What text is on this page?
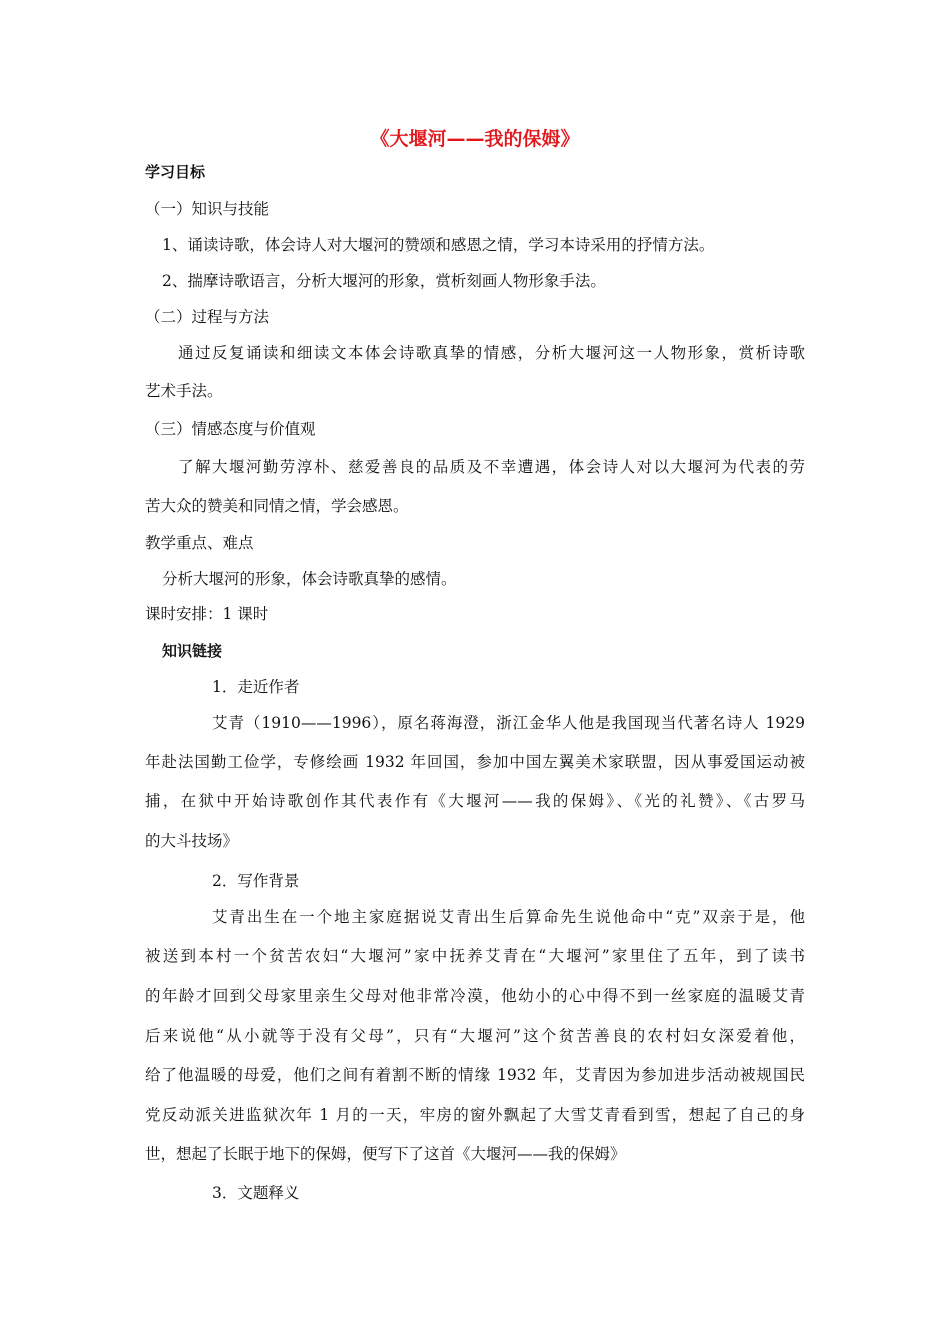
《大堰河——我的保姆》
学习目标
（一）知识与技能
1、诵读诗歌，体会诗人对大堰河的赞颂和感恩之情，学习本诗采用的抒情方法。
2、揣摩诗歌语言，分析大堰河的形象，赏析刻画人物形象手法。
（二）过程与方法
通过反复诵读和细读文本体会诗歌真挚的情感，分析大堰河这一人物形象，赏析诗歌
艺术手法。
（三）情感态度与价值观
了解大堰河勤劳淳朴、慈爱善良的品质及不幸遭遇，体会诗人对以大堰河为代表的劳
苦大众的赞美和同情之情，学会感恩。
教学重点、难点
分析大堰河的形象，体会诗歌真挚的感情。
课时安排：1 课时
知识链接
1．走近作者
艾青（1910——1996），原名蒋海澄，浙江金华人他是我国现当代著名诗人 1929
年赴法国勤工俭学，专修绘画 1932 年回国，参加中国左翼美术家联盟，因从事爱国运动被
捕，在狱中开始诗歌创作其代表作有《大堰河——我的保姆》、《光的礼赞》、《古罗马
的大斗技场》
2．写作背景
艾青出生在一个地主家庭据说艾青出生后算命先生说他命中“克”双亲于是，他
被送到本村一个贫苦农妇“大堰河”家中抚养艾青在“大堰河”家里住了五年，到了读书
的年龄才回到父母家里亲生父母对他非常冷漠，他幼小的心中得不到一丝家庭的温暖艾青
后来说他“从小就等于没有父母”，只有“大堰河”这个贫苦善良的农村妇女深爱着他，
给了他温暖的母爱，他们之间有着割不断的情缘 1932 年，艾青因为参加进步活动被规国民
党反动派关进监狱次年 1 月的一天，牢房的窗外飘起了大雪艾青看到雪，想起了自己的身
世，想起了长眠于地下的保姆，便写下了这首《大堰河——我的保姆》
3．文题释义
